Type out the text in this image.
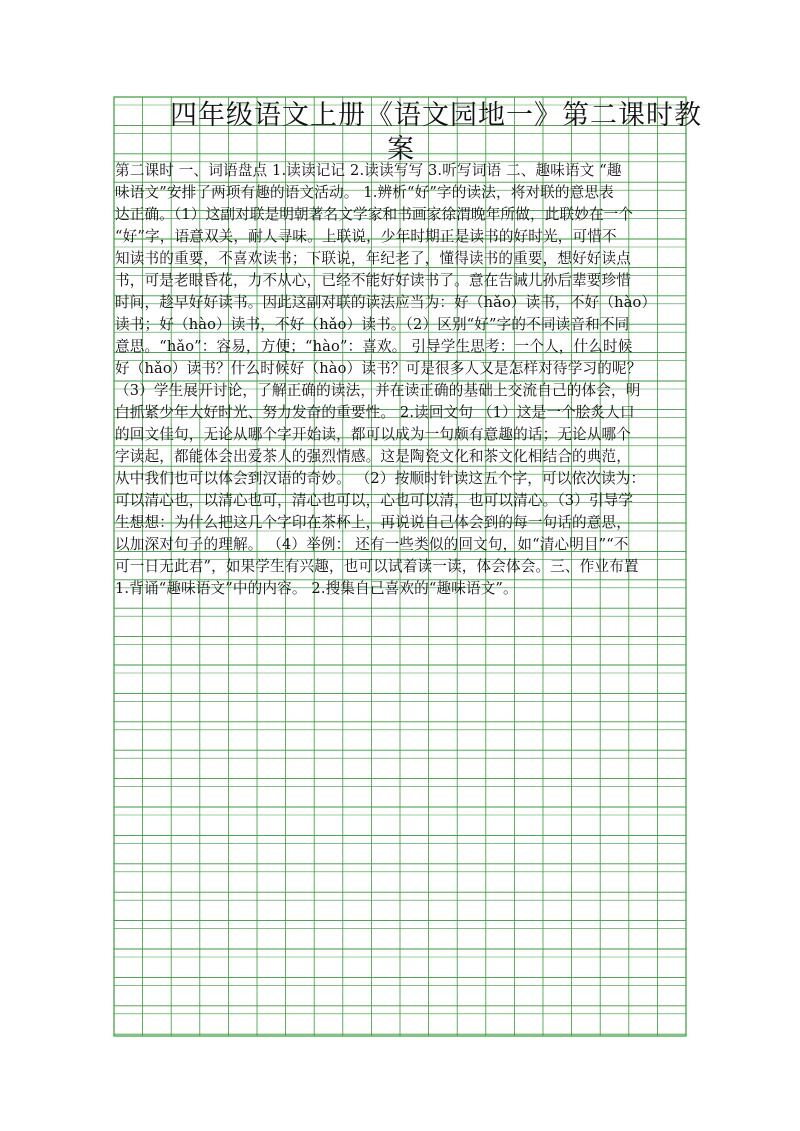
四年级语文上册《语文园地一》第二课时教
案
第二课时 一、词语盘点 1.读读记记 2.读读写写 3.听写词语 二、趣味语文 “趣
味语文”安排了两项有趣的语文活动。 1.辨析“好”字的读法，将对联的意思表
达正确。（1）这副对联是明朝著名文学家和书画家徐渭晚年所做，此联妙在一个
“好”字，语意双关，耐人寻味。上联说，少年时期正是读书的好时光，可惜不
知读书的重要，不喜欢读书；下联说，年纪老了，懂得读书的重要，想好好读点
书，可是老眼昏花，力不从心，已经不能好好读书了。意在告诫儿孙后辈要珍惜
时间，趁早好好读书。因此这副对联的读法应当为：好（hǎo）读书，不好（hào）
读书；好（hào）读书，不好（hǎo）读书。（2）区别“好”字的不同读音和不同
意思。“hǎo”：容易，方便；“hào”：喜欢。 引导学生思考：一个人，什么时候
好（hǎo）读书？什么时候好（hào）读书？可是很多人又是怎样对待学习的呢？
（3）学生展开讨论，了解正确的读法，并在读正确的基础上交流自己的体会，明
白抓紧少年大好时光、努力发奋的重要性。 2.读回文句 （1）这是一个脍炙人口
的回文佳句，无论从哪个字开始读，都可以成为一句颇有意趣的话；无论从哪个
字读起，都能体会出爱茶人的强烈情感。这是陶瓷文化和茶文化相结合的典范，
从中我们也可以体会到汉语的奇妙。 （2）按顺时针读这五个字，可以依次读为：
可以清心也，以清心也可，清心也可以，心也可以清，也可以清心。（3）引导学
生想想：为什么把这几个字印在茶杯上，再说说自己体会到的每一句话的意思，
以加深对句子的理解。 （4）举例： 还有一些类似的回文句，如“清心明目”“不
可一日无此君”，如果学生有兴趣，也可以试着读一读，体会体会。三、作业布置
1.背诵“趣味语文”中的内容。 2.搜集自己喜欢的“趣味语文”。
